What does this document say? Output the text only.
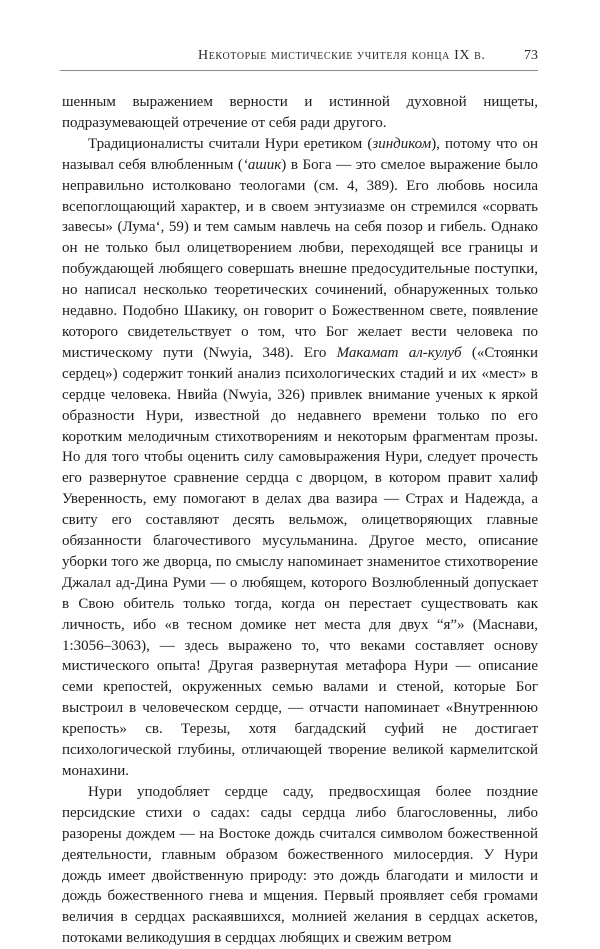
Некоторые мистические учителя конца IX в.	73

шенным выражением верности и истинной духовной нищеты, подразумевающей отречение от себя ради другого.

Традиционалисты считали Нури еретиком (зиндиком), потому что он называл себя влюбленным (‘ашик) в Бога — это смелое выражение было неправильно истолковано теологами (см. 4, 389). Его любовь носила всепоглощающий характер, и в своем энтузиазме он стремился «сорвать завесы» (Лума‘, 59) и тем самым навлечь на себя позор и гибель. Однако он не только был олицетворением любви, переходящей все границы и побуждающей любящего совершать внешне предосудительные поступки, но написал несколько теоретических сочинений, обнаруженных только недавно. Подобно Шакику, он говорит о Божественном свете, появление которого свидетельствует о том, что Бог желает вести человека по мистическому пути (Nwyia, 348). Его Макамат ал-кулуб («Стоянки сердец») содержит тонкий анализ психологических стадий и их «мест» в сердце человека. Нвийа (Nwyia, 326) привлек внимание ученых к яркой образности Нури, известной до недавнего времени только по его коротким мелодичным стихотворениям и некоторым фрагментам прозы. Но для того чтобы оценить силу самовыражения Нури, следует прочесть его развернутое сравнение сердца с дворцом, в котором правит халиф Уверенность, ему помогают в делах два вазира — Страх и Надежда, а свиту его составляют десять вельмож, олицетворяющих главные обязанности благочестивого мусульманина. Другое место, описание уборки того же дворца, по смыслу напоминает знаменитое стихотворение Джалал ад-Дина Руми — о любящем, которого Возлюбленный допускает в Свою обитель только тогда, когда он перестает существовать как личность, ибо «в тесном домике нет места для двух “я”» (Маснави, 1:3056–3063), — здесь выражено то, что веками составляет основу мистического опыта! Другая развернутая метафора Нури — описание семи крепостей, окруженных семью валами и стеной, которые Бог выстроил в человеческом сердце, — отчасти напоминает «Внутреннюю крепость» св. Терезы, хотя багдадский суфий не достигает психологической глубины, отличающей творение великой кармелитской монахини.

Нури уподобляет сердце саду, предвосхищая более поздние персидские стихи о садах: сады сердца либо благословенны, либо разорены дождем — на Востоке дождь считался символом божественной деятельности, главным образом божественного милосердия. У Нури дождь имеет двойственную природу: это дождь благодати и милости и дождь божественного гнева и мщения. Первый проявляет себя громами величия в сердцах раскаявшихся, молнией желания в сердцах аскетов, потоками великодушия в сердцах любящих и свежим ветром
